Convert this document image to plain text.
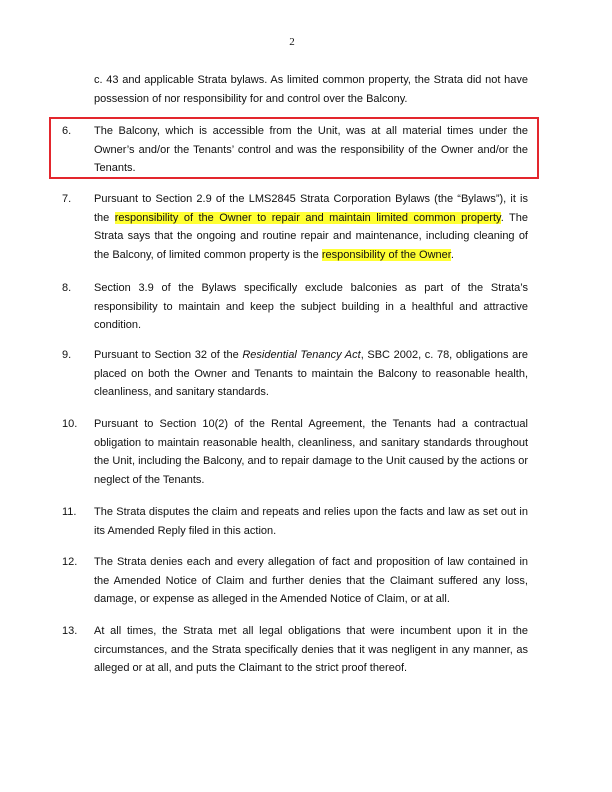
2
c. 43 and applicable Strata bylaws. As limited common property, the Strata did not have possession of nor responsibility for and control over the Balcony.
6. The Balcony, which is accessible from the Unit, was at all material times under the Owner’s and/or the Tenants’ control and was the responsibility of the Owner and/or the Tenants.
7. Pursuant to Section 2.9 of the LMS2845 Strata Corporation Bylaws (the “Bylaws”), it is the responsibility of the Owner to repair and maintain limited common property. The Strata says that the ongoing and routine repair and maintenance, including cleaning of the Balcony, of limited common property is the responsibility of the Owner.
8. Section 3.9 of the Bylaws specifically exclude balconies as part of the Strata’s responsibility to maintain and keep the subject building in a healthful and attractive condition.
9. Pursuant to Section 32 of the Residential Tenancy Act, SBC 2002, c. 78, obligations are placed on both the Owner and Tenants to maintain the Balcony to reasonable health, cleanliness, and sanitary standards.
10. Pursuant to Section 10(2) of the Rental Agreement, the Tenants had a contractual obligation to maintain reasonable health, cleanliness, and sanitary standards throughout the Unit, including the Balcony, and to repair damage to the Unit caused by the actions or neglect of the Tenants.
11. The Strata disputes the claim and repeats and relies upon the facts and law as set out in its Amended Reply filed in this action.
12. The Strata denies each and every allegation of fact and proposition of law contained in the Amended Notice of Claim and further denies that the Claimant suffered any loss, damage, or expense as alleged in the Amended Notice of Claim, or at all.
13. At all times, the Strata met all legal obligations that were incumbent upon it in the circumstances, and the Strata specifically denies that it was negligent in any manner, as alleged or at all, and puts the Claimant to the strict proof thereof.
